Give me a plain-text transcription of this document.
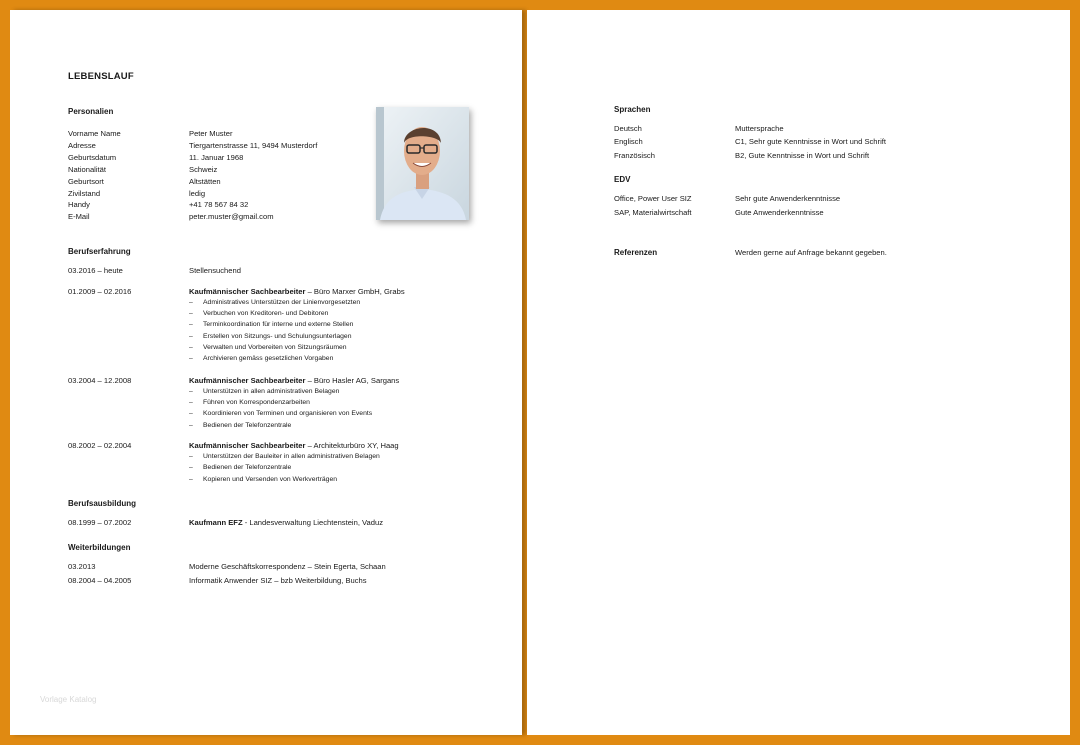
LEBENSLAUF
Personalien
Vorname Name	Peter Muster
Adresse	Tiergartenstrasse 11, 9494 Musterdorf
Geburtsdatum	11. Januar 1968
Nationalität	Schweiz
Geburtsort	Altstätten
Zivilstand	ledig
Handy	+41 78 567 84 32
E-Mail	peter.muster@gmail.com
Berufserfahrung
03.2016 – heute	Stellensuchend
01.2009 – 02.2016	Kaufmännischer Sachbearbeiter – Büro Marxer GmbH, Grabs
– Administratives Unterstützen der Linienvorgesetzten
– Verbuchen von Kreditoren- und Debitoren
– Terminkoordination für interne und externe Stellen
– Erstellen von Sitzungs- und Schulungsunterlagen
– Verwalten und Vorbereiten von Sitzungsräumen
– Archivieren gemäss gesetzlichen Vorgaben
03.2004 – 12.2008	Kaufmännischer Sachbearbeiter – Büro Hasler AG, Sargans
– Unterstützen in allen administrativen Belagen
– Führen von Korrespondenzarbeiten
– Koordinieren von Terminen und organisieren von Events
– Bedienen der Telefonzentrale
08.2002 – 02.2004	Kaufmännischer Sachbearbeiter – Architekturbüro XY, Haag
– Unterstützen der Bauleiter in allen administrativen Belagen
– Bedienen der Telefonzentrale
– Kopieren und Versenden von Werkverträgen
Berufsausbildung
08.1999 – 07.2002	Kaufmann EFZ - Landesverwaltung Liechtenstein, Vaduz
Weiterbildungen
03.2013	Moderne Geschäftskorrespondenz – Stein Egerta, Schaan
08.2004 – 04.2005	Informatik Anwender SIZ – bzb Weiterbildung, Buchs
Vorlage Katalog
Sprachen
Deutsch	Muttersprache
Englisch	C1, Sehr gute Kenntnisse in Wort und Schrift
Französisch	B2, Gute Kenntnisse in Wort und Schrift
EDV
Office, Power User SIZ	Sehr gute Anwenderkenntnisse
SAP, Materialwirtschaft	Gute Anwenderkenntnisse
Referenzen	Werden gerne auf Anfrage bekannt gegeben.
